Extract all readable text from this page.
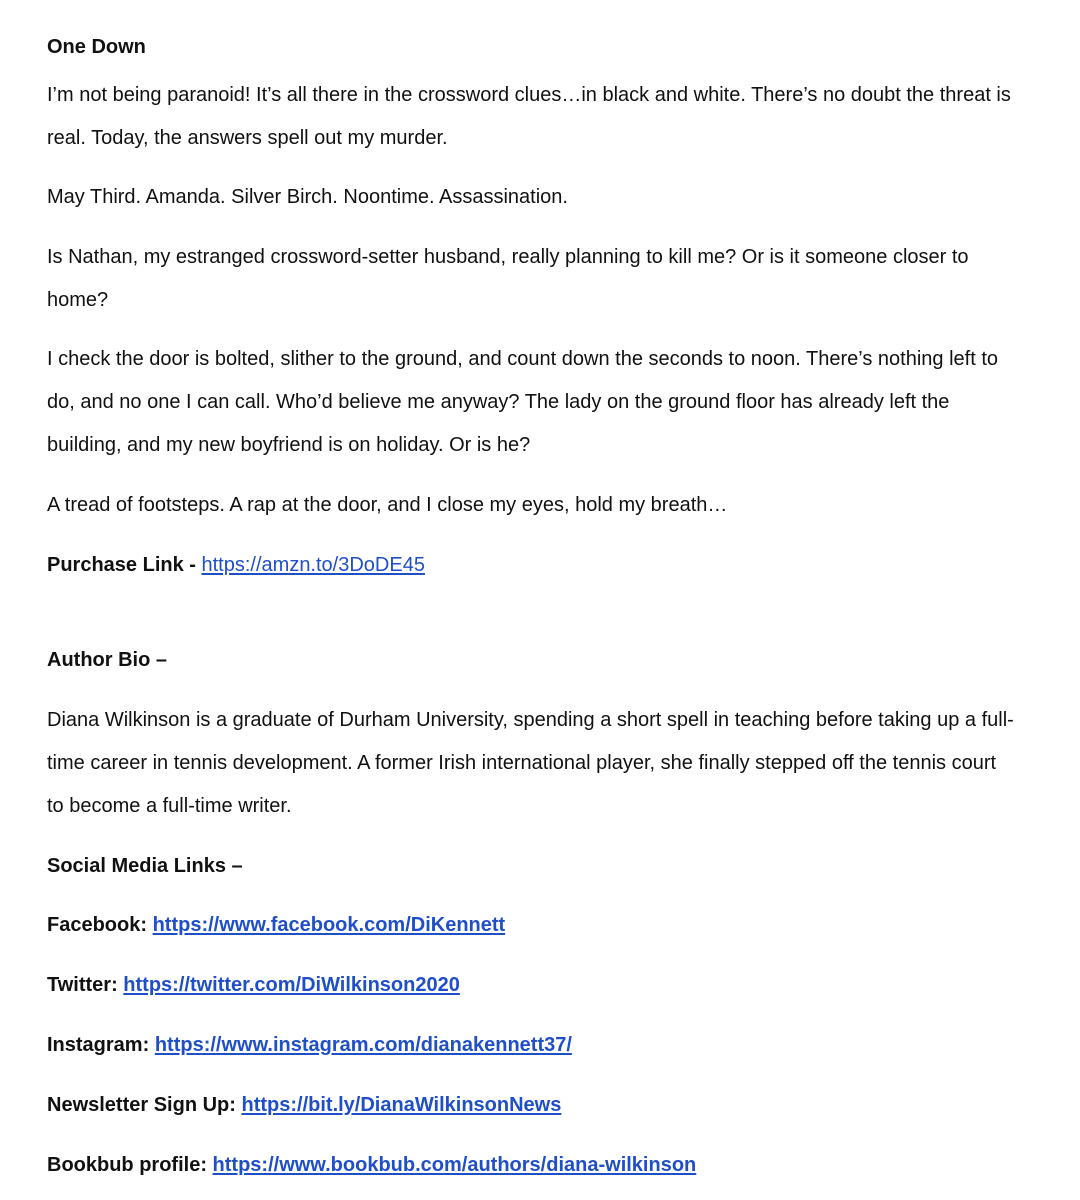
One Down

I’m not being paranoid! It’s all there in the crossword clues…in black and white. There’s no doubt the threat is real. Today, the answers spell out my murder.

May Third. Amanda. Silver Birch. Noontime. Assassination.

Is Nathan, my estranged crossword-setter husband, really planning to kill me? Or is it someone closer to home?

I check the door is bolted, slither to the ground, and count down the seconds to noon. There’s nothing left to do, and no one I can call. Who’d believe me anyway? The lady on the ground floor has already left the building, and my new boyfriend is on holiday. Or is he?

A tread of footsteps. A rap at the door, and I close my eyes, hold my breath…

Purchase Link - https://amzn.to/3DoDE45

Author Bio –

Diana Wilkinson is a graduate of Durham University, spending a short spell in teaching before taking up a full-time career in tennis development. A former Irish international player, she finally stepped off the tennis court to become a full-time writer.

Social Media Links –

Facebook: https://www.facebook.com/DiKennett

Twitter: https://twitter.com/DiWilkinson2020

Instagram: https://www.instagram.com/dianakennett37/

Newsletter Sign Up: https://bit.ly/DianaWilkinsonNews

Bookbub profile: https://www.bookbub.com/authors/diana-wilkinson
